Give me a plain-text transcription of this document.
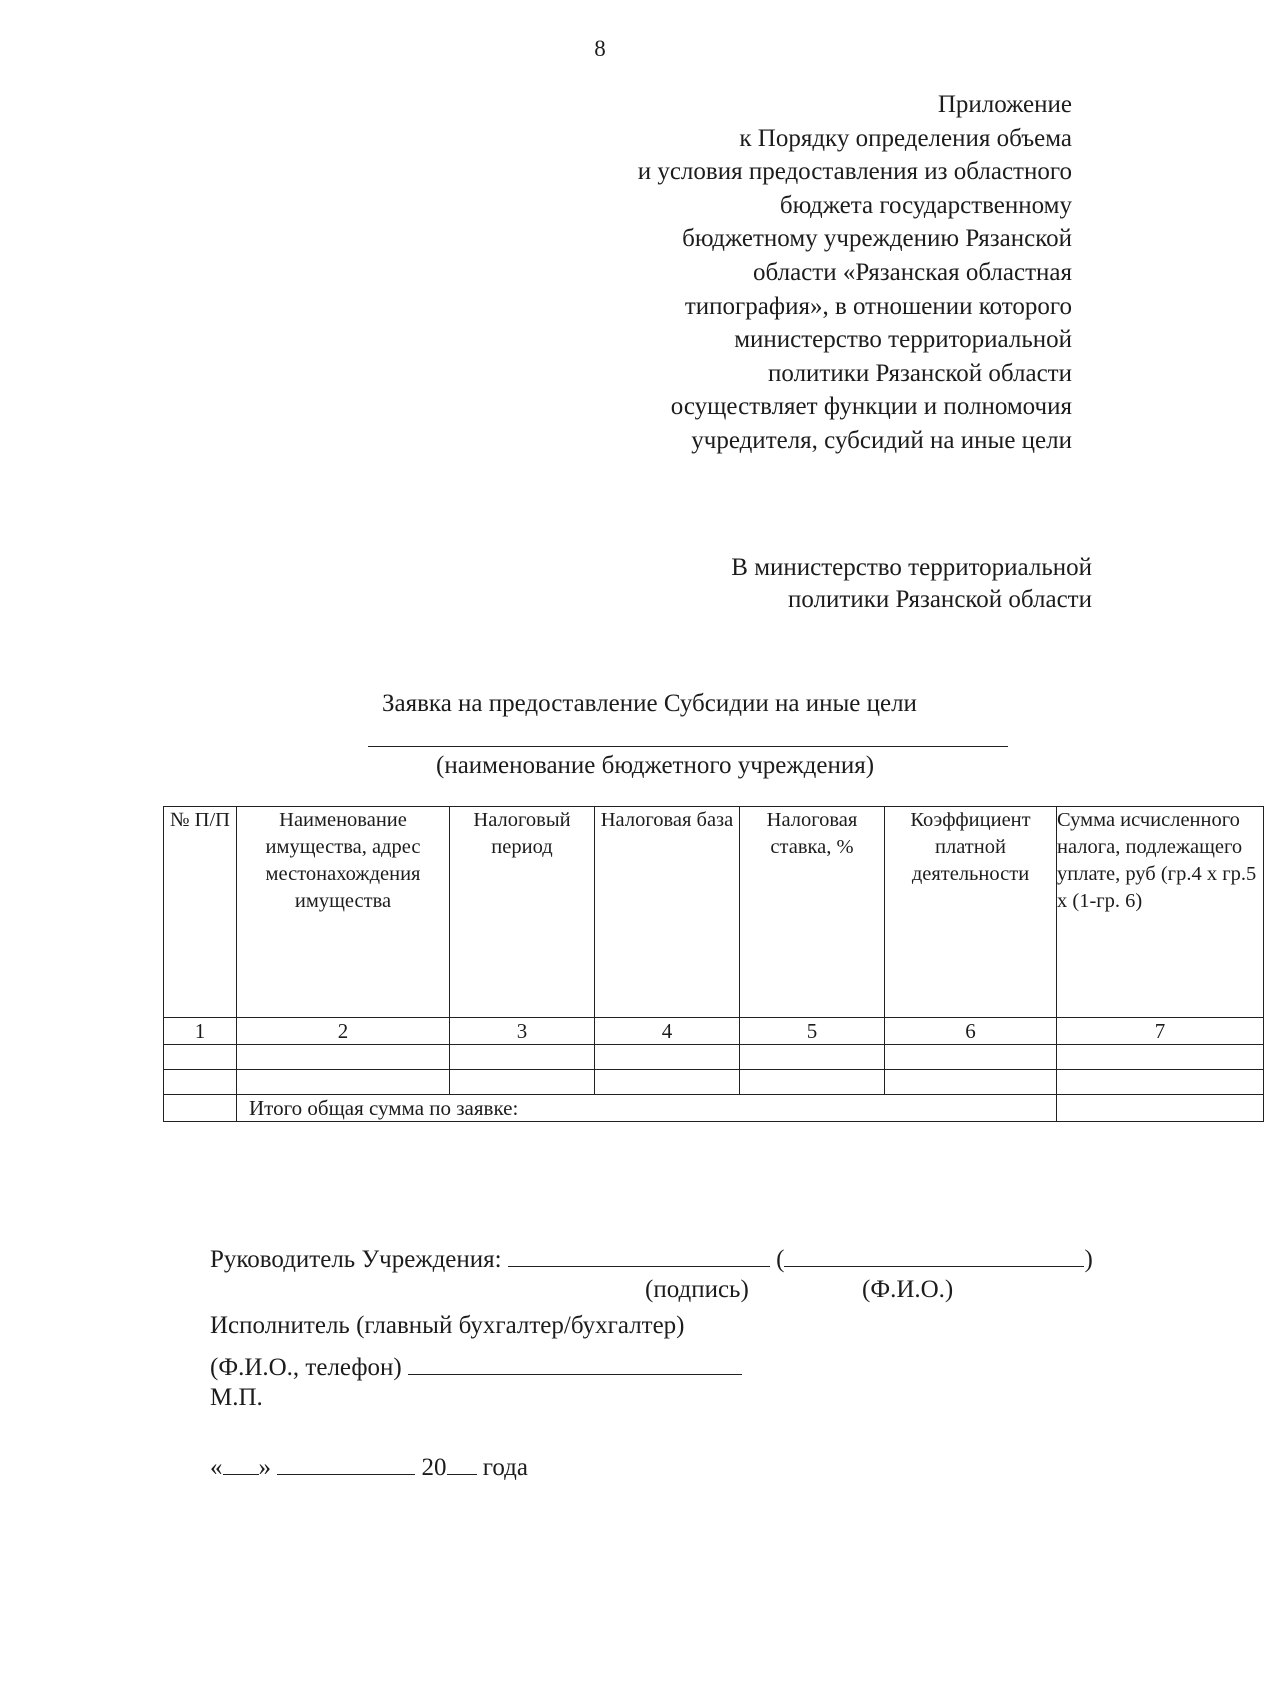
8
Приложение
к Порядку определения объема
и условия предоставления из областного
бюджета государственному
бюджетному учреждению Рязанской
области «Рязанская областная
типография», в отношении которого
министерство территориальной
политики Рязанской области
осуществляет функции и полномочия
учредителя, субсидий на иные цели
В министерство территориальной
политики Рязанской области
Заявка на предоставление Субсидии на иные цели
(наименование бюджетного учреждения)
№ П/П	Наименование имущества, адрес местонахождения имущества	Налоговый период	Налоговая база	Налоговая ставка, %	Коэффициент платной деятельности	Сумма исчисленного налога, подлежащего уплате, руб (гр.4 х гр.5 х (1-гр. 6)
1	2	3	4	5	6	7

	Итого общая сумма по заявке:					
Руководитель Учреждения:	(	)
(подпись)	(Ф.И.О.)
Исполнитель (главный бухгалтер/бухгалтер)
(Ф.И.О., телефон)
М.П.
« »	20 года
